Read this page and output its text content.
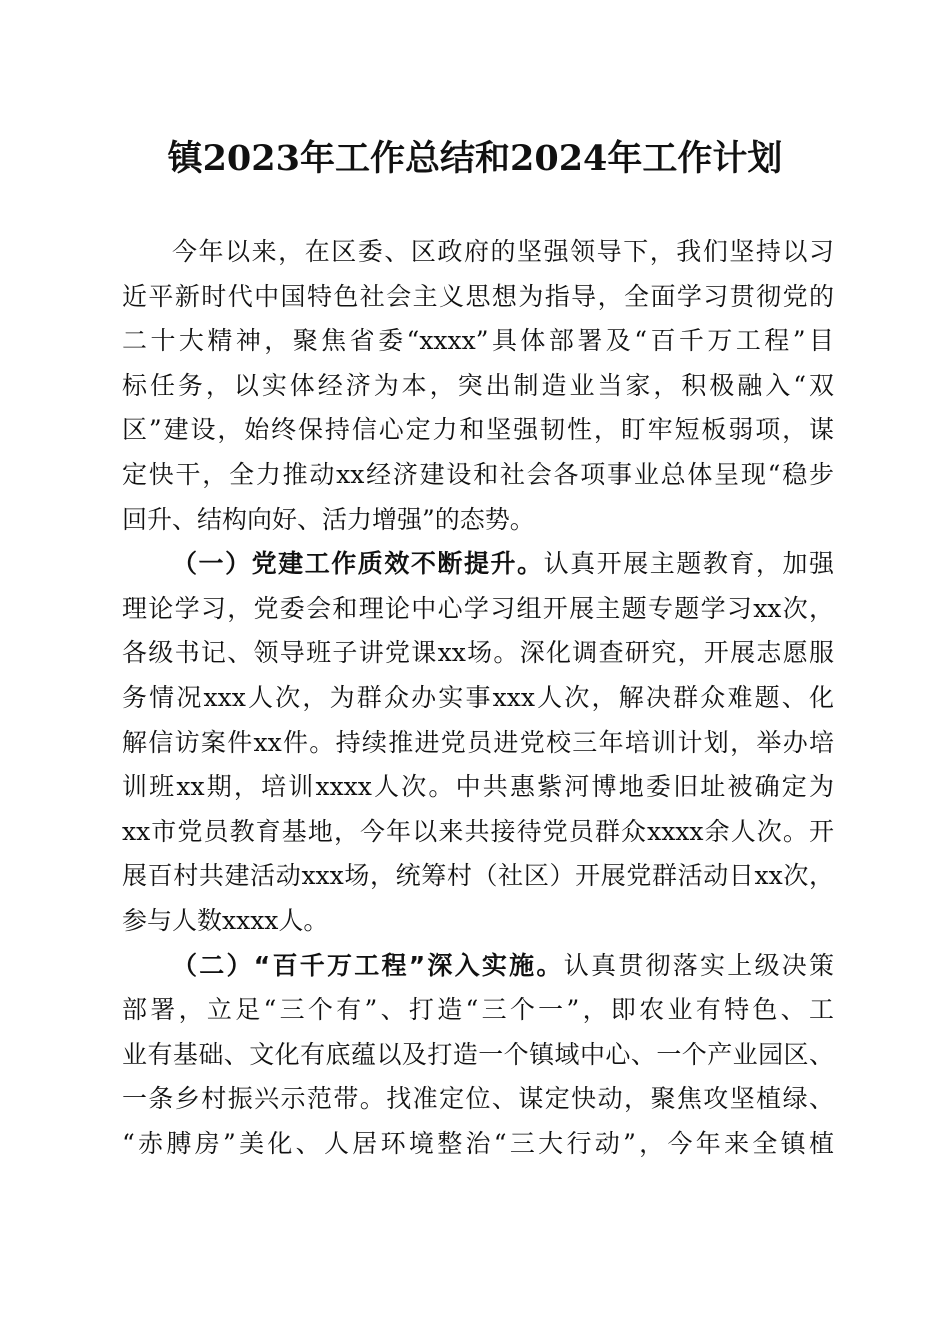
镇2023年工作总结和2024年工作计划
今年以来，在区委、区政府的坚强领导下，我们坚持以习
近平新时代中国特色社会主义思想为指导，全面学习贯彻党的
二十大精神，聚焦省委“xxxx”具体部署及“百千万工程”目
标任务，以实体经济为本，突出制造业当家，积极融入“双
区”建设，始终保持信心定力和坚强韧性，盯牢短板弱项，谋
定快干，全力推动xx经济建设和社会各项事业总体呈现“稳步
回升、结构向好、活力增强”的态势。
（一）党建工作质效不断提升。认真开展主题教育，加强
理论学习，党委会和理论中心学习组开展主题专题学习xx次，
各级书记、领导班子讲党课xx场。深化调查研究，开展志愿服
务情况xxx人次，为群众办实事xxx人次，解决群众难题、化
解信访案件xx件。持续推进党员进党校三年培训计划，举办培
训班xx期，培训xxxx人次。中共惠紫河博地委旧址被确定为
xx市党员教育基地，今年以来共接待党员群众xxxx余人次。开
展百村共建活动xxx场，统筹村（社区）开展党群活动日xx次，
参与人数xxxx人。
（二）“百千万工程”深入实施。认真贯彻落实上级决策
部署，立足“三个有”、打造“三个一”，即农业有特色、工
业有基础、文化有底蕴以及打造一个镇域中心、一个产业园区、
一条乡村振兴示范带。找准定位、谋定快动，聚焦攻坚植绿、
“赤膊房”美化、人居环境整治“三大行动”，今年来全镇植
